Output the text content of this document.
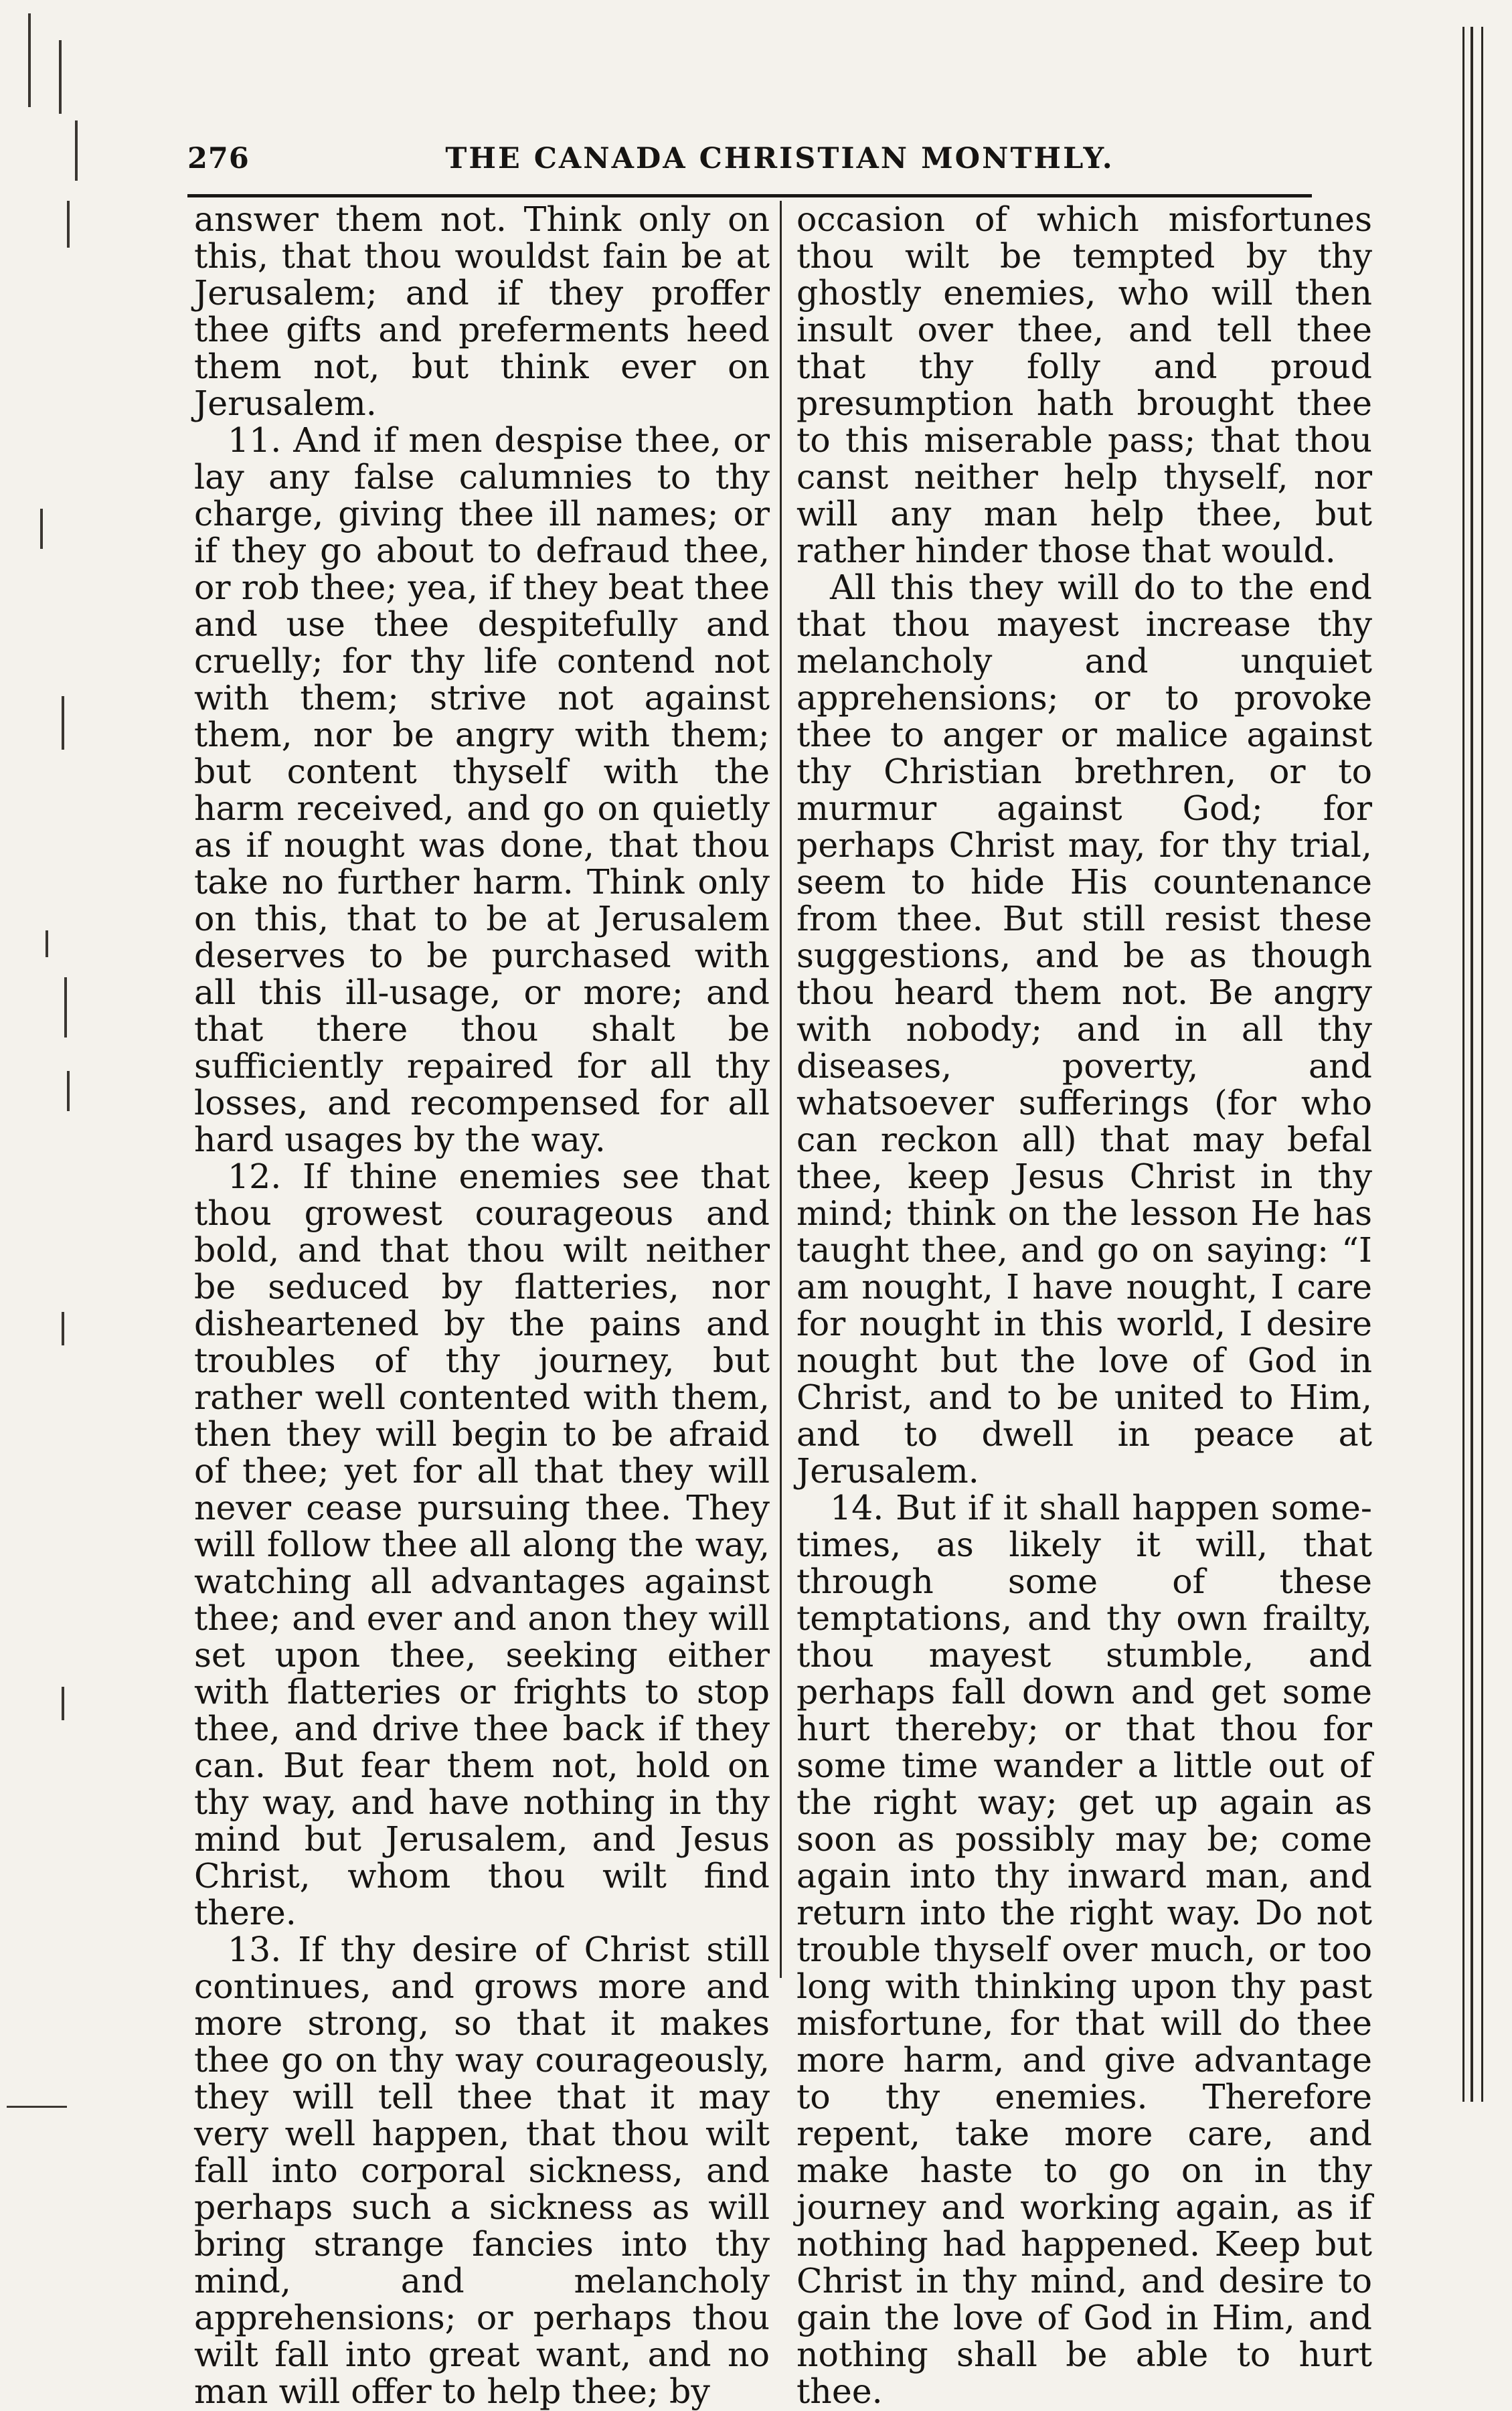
276	THE CANADA CHRISTIAN MONTHLY.

answer them not. Think only on this, that thou wouldst fain be at Jerusalem; and if they proffer thee gifts and preferments heed them not, but think ever on Jerusalem.

11. And if men despise thee, or lay any false calumnies to thy charge, giving thee ill names; or if they go about to defraud thee, or rob thee; yea, if they beat thee and use thee despitefully and cruelly; for thy life contend not with them; strive not against them, nor be angry with them; but content thyself with the harm received, and go on quietly as if nought was done, that thou take no further harm. Think only on this, that to be at Jerusalem deserves to be purchased with all this ill-usage, or more; and that there thou shalt be sufficiently repaired for all thy losses, and recompensed for all hard usages by the way.

12. If thine enemies see that thou growest courageous and bold, and that thou wilt neither be seduced by flatteries, nor disheartened by the pains and troubles of thy journey, but rather well contented with them, then they will begin to be afraid of thee; yet for all that they will never cease pursuing thee. They will follow thee all along the way, watching all advantages against thee; and ever and anon they will set upon thee, seeking either with flatteries or frights to stop thee, and drive thee back if they can. But fear them not, hold on thy way, and have nothing in thy mind but Jerusalem, and Jesus Christ, whom thou wilt find there.

13. If thy desire of Christ still continues, and grows more and more strong, so that it makes thee go on thy way courageously, they will tell thee that it may very well happen, that thou wilt fall into corporal sickness, and perhaps such a sickness as will bring strange fancies into thy mind, and melancholy apprehensions; or perhaps thou wilt fall into great want, and no man will offer to help thee; by

occasion of which misfortunes thou wilt be tempted by thy ghostly enemies, who will then insult over thee, and tell thee that thy folly and proud presumption hath brought thee to this miserable pass; that thou canst neither help thyself, nor will any man help thee, but rather hinder those that would.

All this they will do to the end that thou mayest increase thy melancholy and unquiet apprehensions; or to provoke thee to anger or malice against thy Christian brethren, or to murmur against God; for perhaps Christ may, for thy trial, seem to hide His countenance from thee. But still resist these suggestions, and be as though thou heard them not. Be angry with nobody; and in all thy diseases, poverty, and whatsoever sufferings (for who can reckon all) that may befal thee, keep Jesus Christ in thy mind; think on the lesson He has taught thee, and go on saying: “I am nought, I have nought, I care for nought in this world, I desire nought but the love of God in Christ, and to be united to Him, and to dwell in peace at Jerusalem.

14. But if it shall happen sometimes, as likely it will, that through some of these temptations, and thy own frailty, thou mayest stumble, and perhaps fall down and get some hurt thereby; or that thou for some time wander a little out of the right way; get up again as soon as possibly may be; come again into thy inward man, and return into the right way. Do not trouble thyself over much, or too long with thinking upon thy past misfortune, for that will do thee more harm, and give advantage to thy enemies. Therefore repent, take more care, and make haste to go on in thy journey and working again, as if nothing had happened. Keep but Christ in thy mind, and desire to gain the love of God in Him, and nothing shall be able to hurt thee.
